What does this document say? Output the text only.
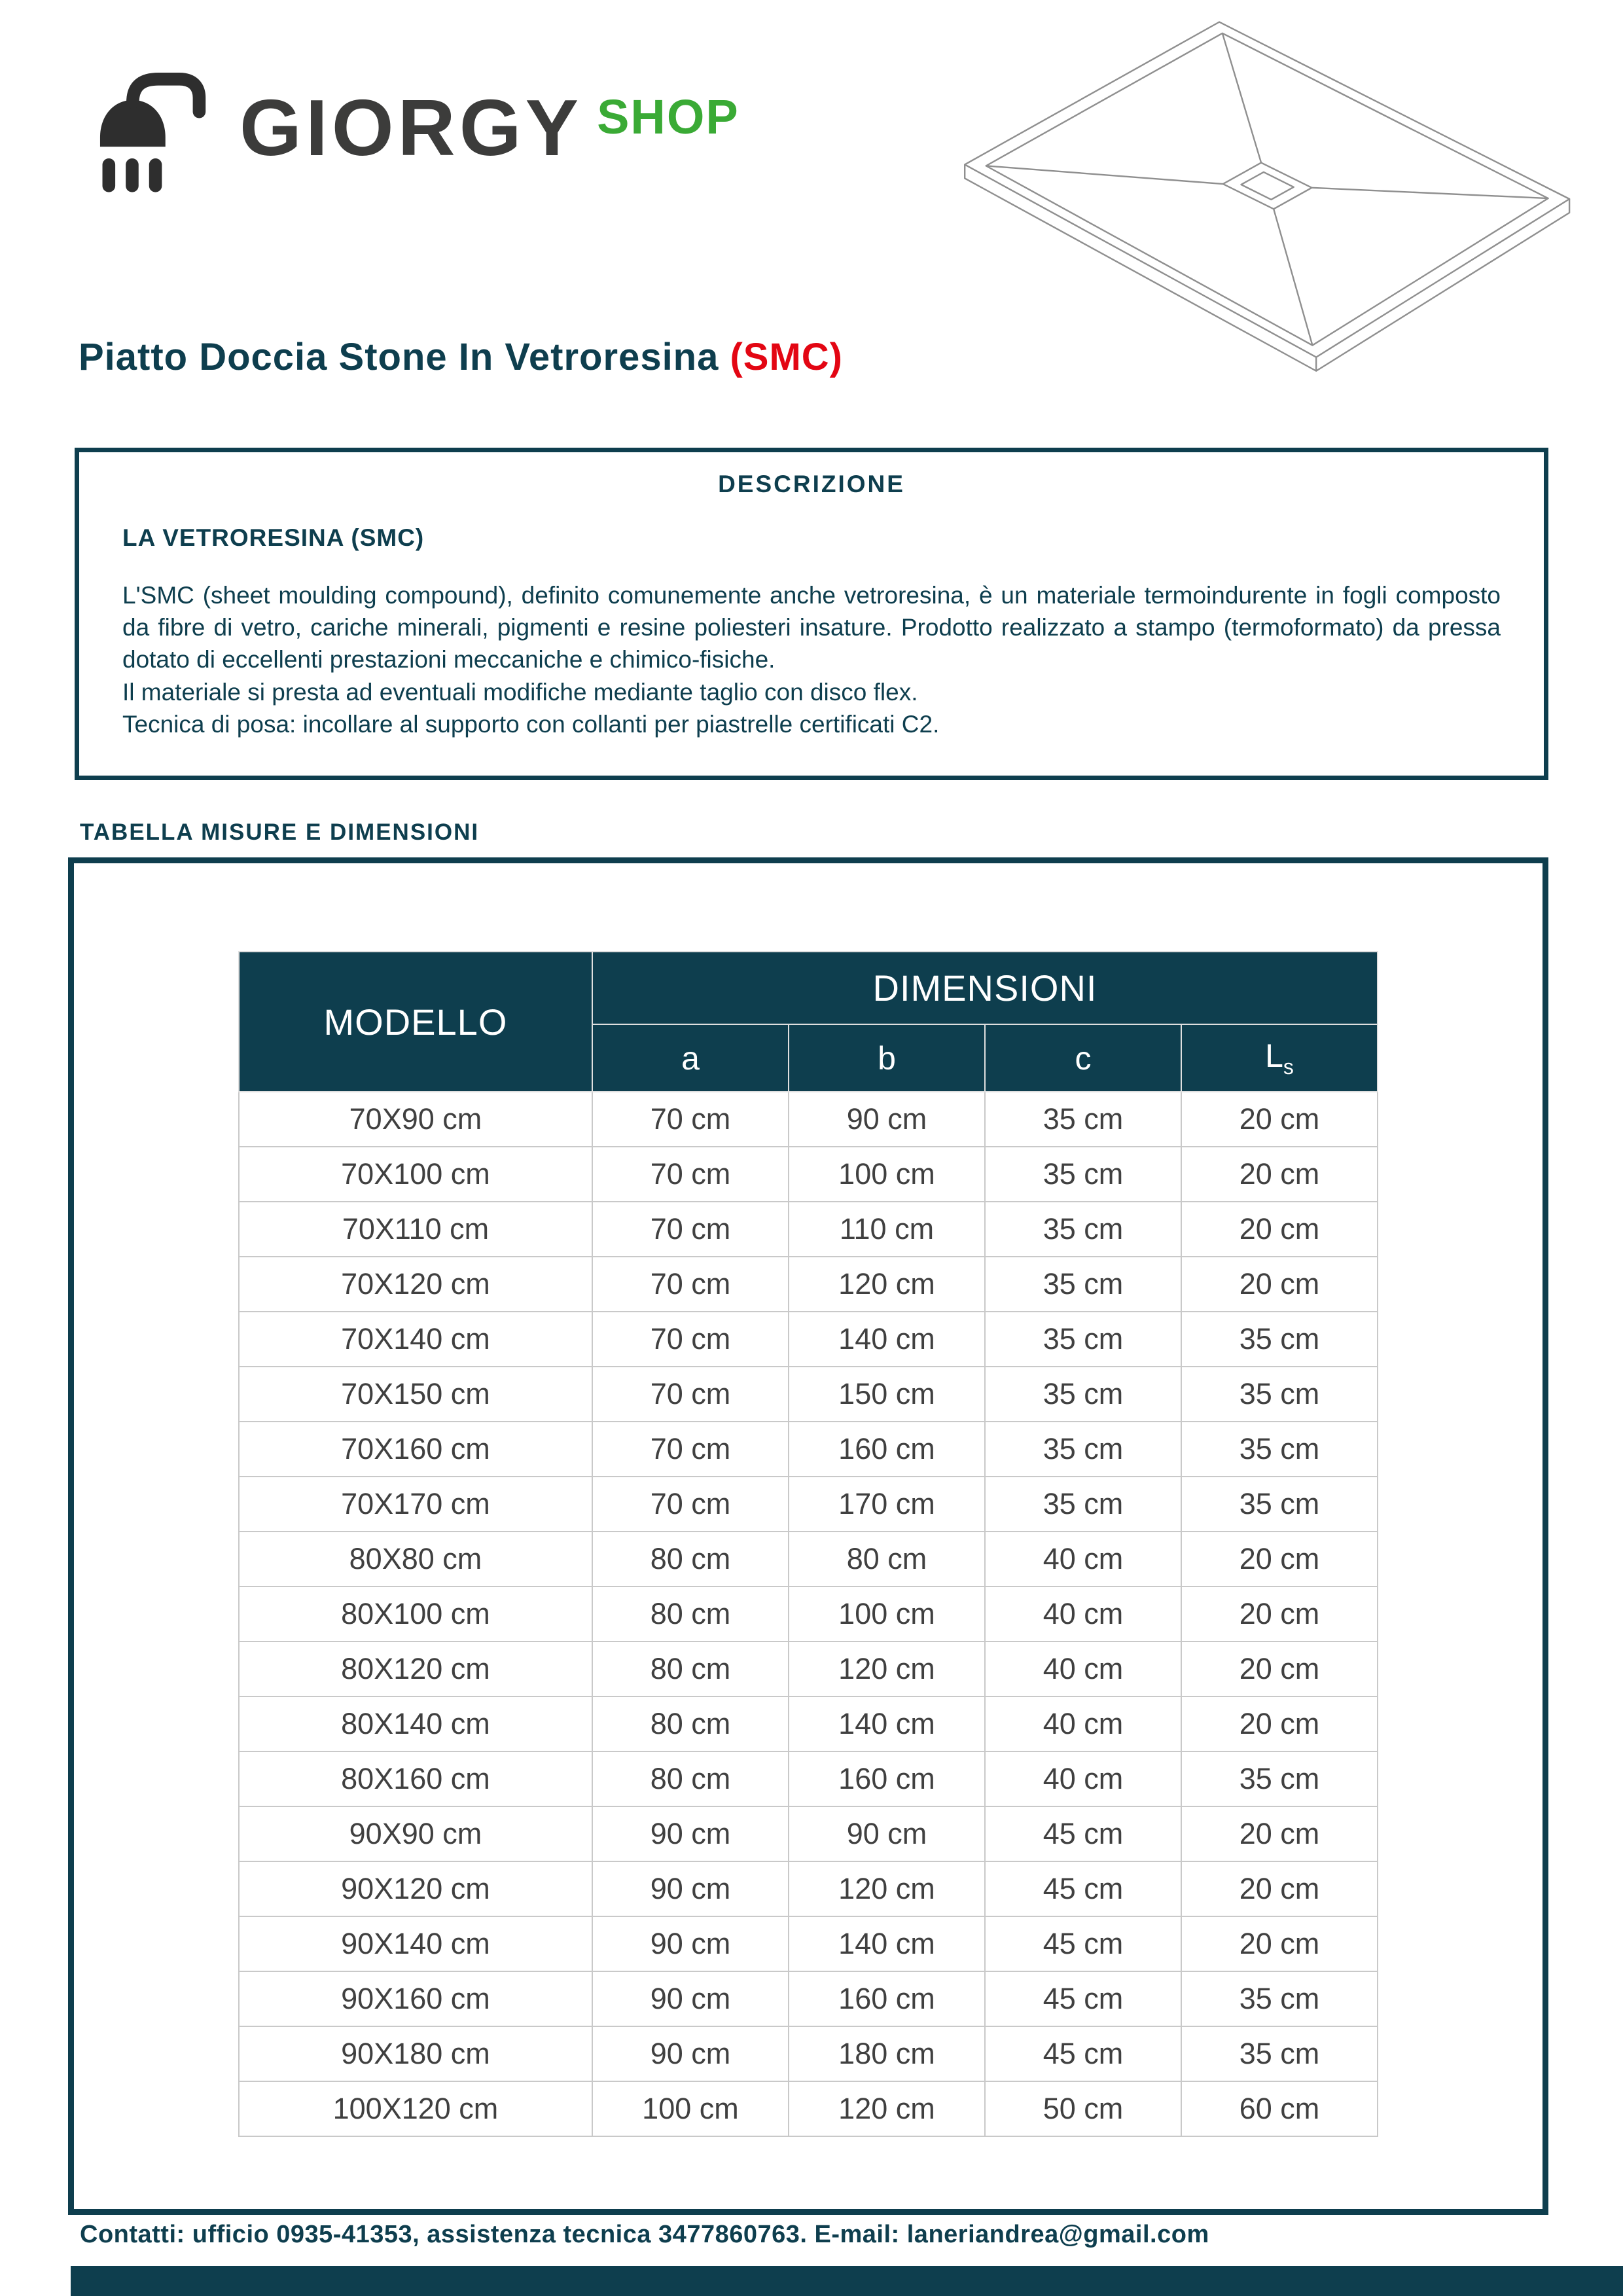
GIORGY SHOP
Piatto Doccia Stone In Vetroresina (SMC)
DESCRIZIONE
LA VETRORESINA (SMC)

L'SMC (sheet moulding compound), definito comunemente anche vetroresina, è un materiale termoindurente in fogli composto da fibre di vetro, cariche minerali, pigmenti e resine poliesteri insature. Prodotto realizzato a stampo (termoformato) da pressa dotato di eccellenti prestazioni meccaniche e chimico-fisiche.

Il materiale si presta ad eventuali modifiche mediante taglio con disco flex.

Tecnica di posa: incollare al supporto con collanti per piastrelle certificati C2.

TABELLA MISURE E DIMENSIONI
MODELLO	DIMENSIONI			
	a	b	c	$L_s$
70X90 cm	70 cm	90 cm	35 cm	20 cm
70X100 cm	70 cm	100 cm	35 cm	20 cm
70X110 cm	70 cm	110 cm	35 cm	20 cm
70X120 cm	70 cm	120 cm	35 cm	20 cm
70X140 cm	70 cm	140 cm	35 cm	35 cm
70X150 cm	70 cm	150 cm	35 cm	35 cm
70X160 cm	70 cm	160 cm	35 cm	35 cm
70X170 cm	70 cm	170 cm	35 cm	35 cm
80X80 cm	80 cm	80 cm	40 cm	20 cm
80X100 cm	80 cm	100 cm	40 cm	20 cm
80X120 cm	80 cm	120 cm	40 cm	20 cm
80X140 cm	80 cm	140 cm	40 cm	20 cm
80X160 cm	80 cm	160 cm	40 cm	35 cm
90X90 cm	90 cm	90 cm	45 cm	20 cm
90X120 cm	90 cm	120 cm	45 cm	20 cm
90X140 cm	90 cm	140 cm	45 cm	20 cm
90X160 cm	90 cm	160 cm	45 cm	35 cm
90X180 cm	90 cm	180 cm	45 cm	35 cm
100X120 cm	100 cm	120 cm	50 cm	60 cm
Contatti: ufficio 0935-41353, assistenza tecnica 3477860763. E-mail: laneriandrea@gmail.com
